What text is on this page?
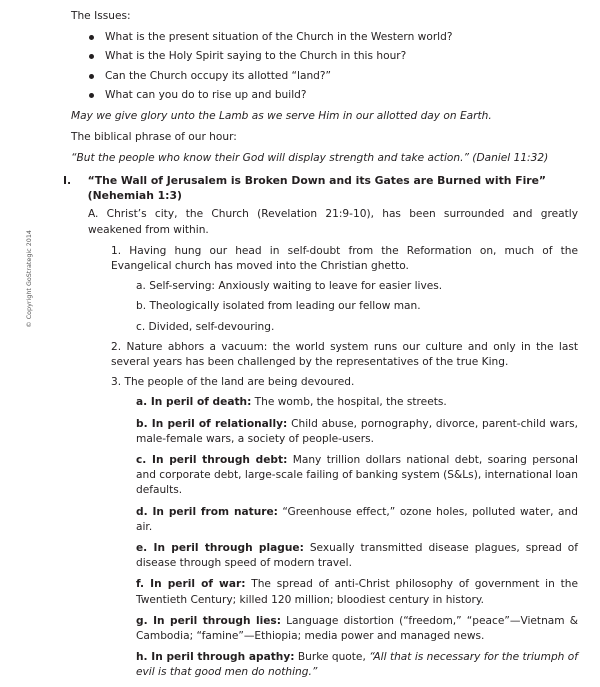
© Copyright GoStrategic 2014

The Issues:

What is the present situation of the Church in the Western world?
What is the Holy Spirit saying to the Church in this hour?
Can the Church occupy its allotted “land?”
What can you do to rise up and build?

May we give glory unto the Lamb as we serve Him in our allotted day on Earth.

The biblical phrase of our hour:

“But the people who know their God will display strength and take action.” (Daniel 11:32)

I.	“The Wall of Jerusalem is Broken Down and its Gates are Burned with Fire” (Nehemiah 1:3)

A. Christ’s city, the Church (Revelation 21:9-10), has been surrounded and greatly weakened from within.

1. Having hung our head in self-doubt from the Reformation on, much of the Evangelical church has moved into the Christian ghetto.

a. Self-serving: Anxiously waiting to leave for easier lives.

b. Theologically isolated from leading our fellow man.

c. Divided, self-devouring.

2. Nature abhors a vacuum: the world system runs our culture and only in the last several years has been challenged by the representatives of the true King.

3. The people of the land are being devoured.

a. In peril of death: The womb, the hospital, the streets.

b. In peril of relationally: Child abuse, pornography, divorce, parent-child wars, male-female wars, a society of people-users.

c. In peril through debt: Many trillion dollars national debt, soaring personal and corporate debt, large-scale failing of banking system (S&Ls), international loan defaults.

d. In peril from nature: “Greenhouse effect,” ozone holes, polluted water, and air.

e. In peril through plague: Sexually transmitted disease plagues, spread of disease through speed of modern travel.

f. In peril of war: The spread of anti-Christ philosophy of government in the Twentieth Century; killed 120 million; bloodiest century in history.

g. In peril through lies: Language distortion (“freedom,” “peace”—Vietnam & Cambodia; “famine”—Ethiopia; media power and managed news.

h. In peril through apathy: Burke quote, “All that is necessary for the triumph of evil is that good men do nothing.”
